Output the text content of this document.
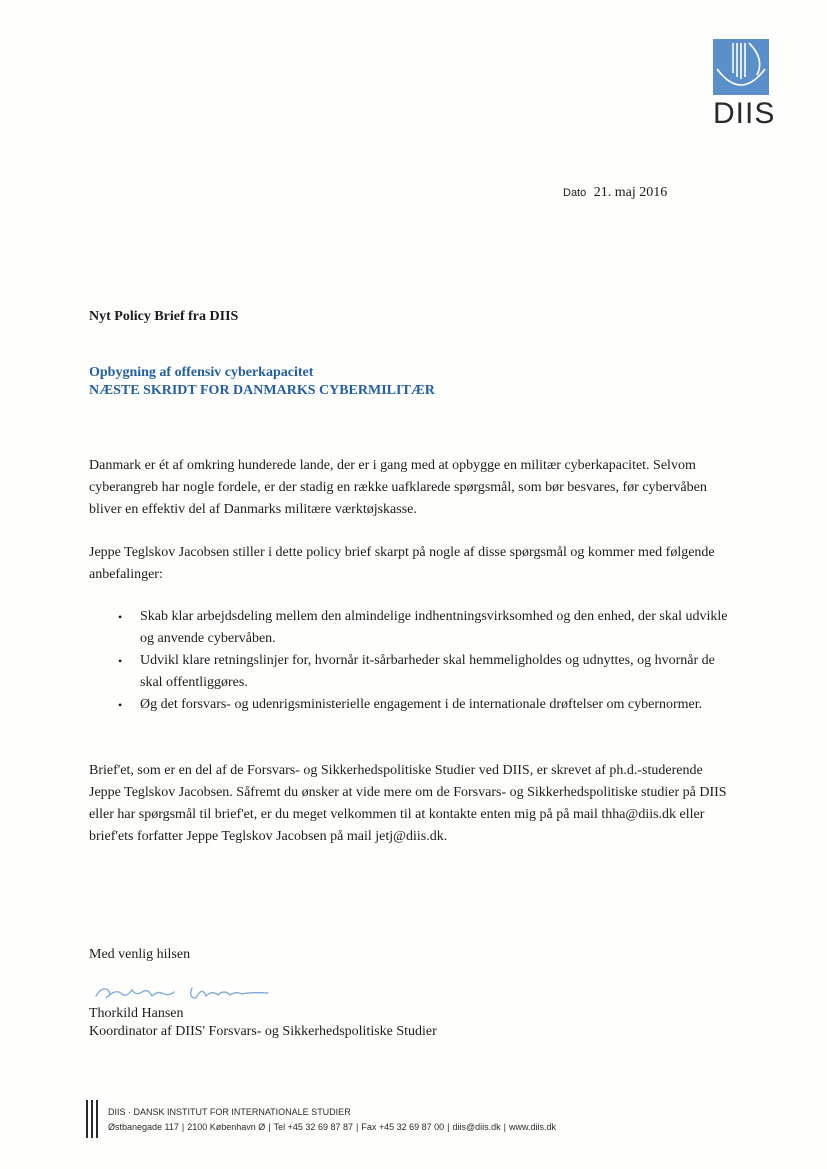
DIIS
Dato 21. maj 2016
Nyt Policy Brief fra DIIS
Opbygning af offensiv cyberkapacitet
NÆSTE SKRIDT FOR DANMARKS CYBERMILITÆR
Danmark er ét af omkring hunderede lande, der er i gang med at opbygge en militær cyberkapacitet. Selvom cyberangreb har nogle fordele, er der stadig en række uafklarede spørgsmål, som bør besvares, før cybervåben bliver en effektiv del af Danmarks militære værktøjskasse.
Jeppe Teglskov Jacobsen stiller i dette policy brief skarpt på nogle af disse spørgsmål og kommer med følgende anbefalinger:
• Skab klar arbejdsdeling mellem den almindelige indhentningsvirksomhed og den enhed, der skal udvikle og anvende cybervåben.
• Udvikl klare retningslinjer for, hvornår it-sårbarheder skal hemmeligholdes og udnyttes, og hvornår de skal offentliggøres.
• Øg det forsvars- og udenrigsministerielle engagement i de internationale drøftelser om cybernormer.
Brief'et, som er en del af de Forsvars- og Sikkerhedspolitiske Studier ved DIIS, er skrevet af ph.d.-studerende Jeppe Teglskov Jacobsen. Såfremt du ønsker at vide mere om de Forsvars- og Sikkerhedspolitiske studier på DIIS eller har spørgsmål til brief'et, er du meget velkommen til at kontakte enten mig på på mail thha@diis.dk eller brief'ets forfatter Jeppe Teglskov Jacobsen på mail jetj@diis.dk.
Med venlig hilsen
Thorkild Hansen
Koordinator af DIIS' Forsvars- og Sikkerhedspolitiske Studier
DIIS · DANSK INSTITUT FOR INTERNATIONALE STUDIER
Østbanegade 117 | 2100 København Ø | Tel +45 32 69 87 87 | Fax +45 32 69 87 00 | diis@diis.dk | www.diis.dk
